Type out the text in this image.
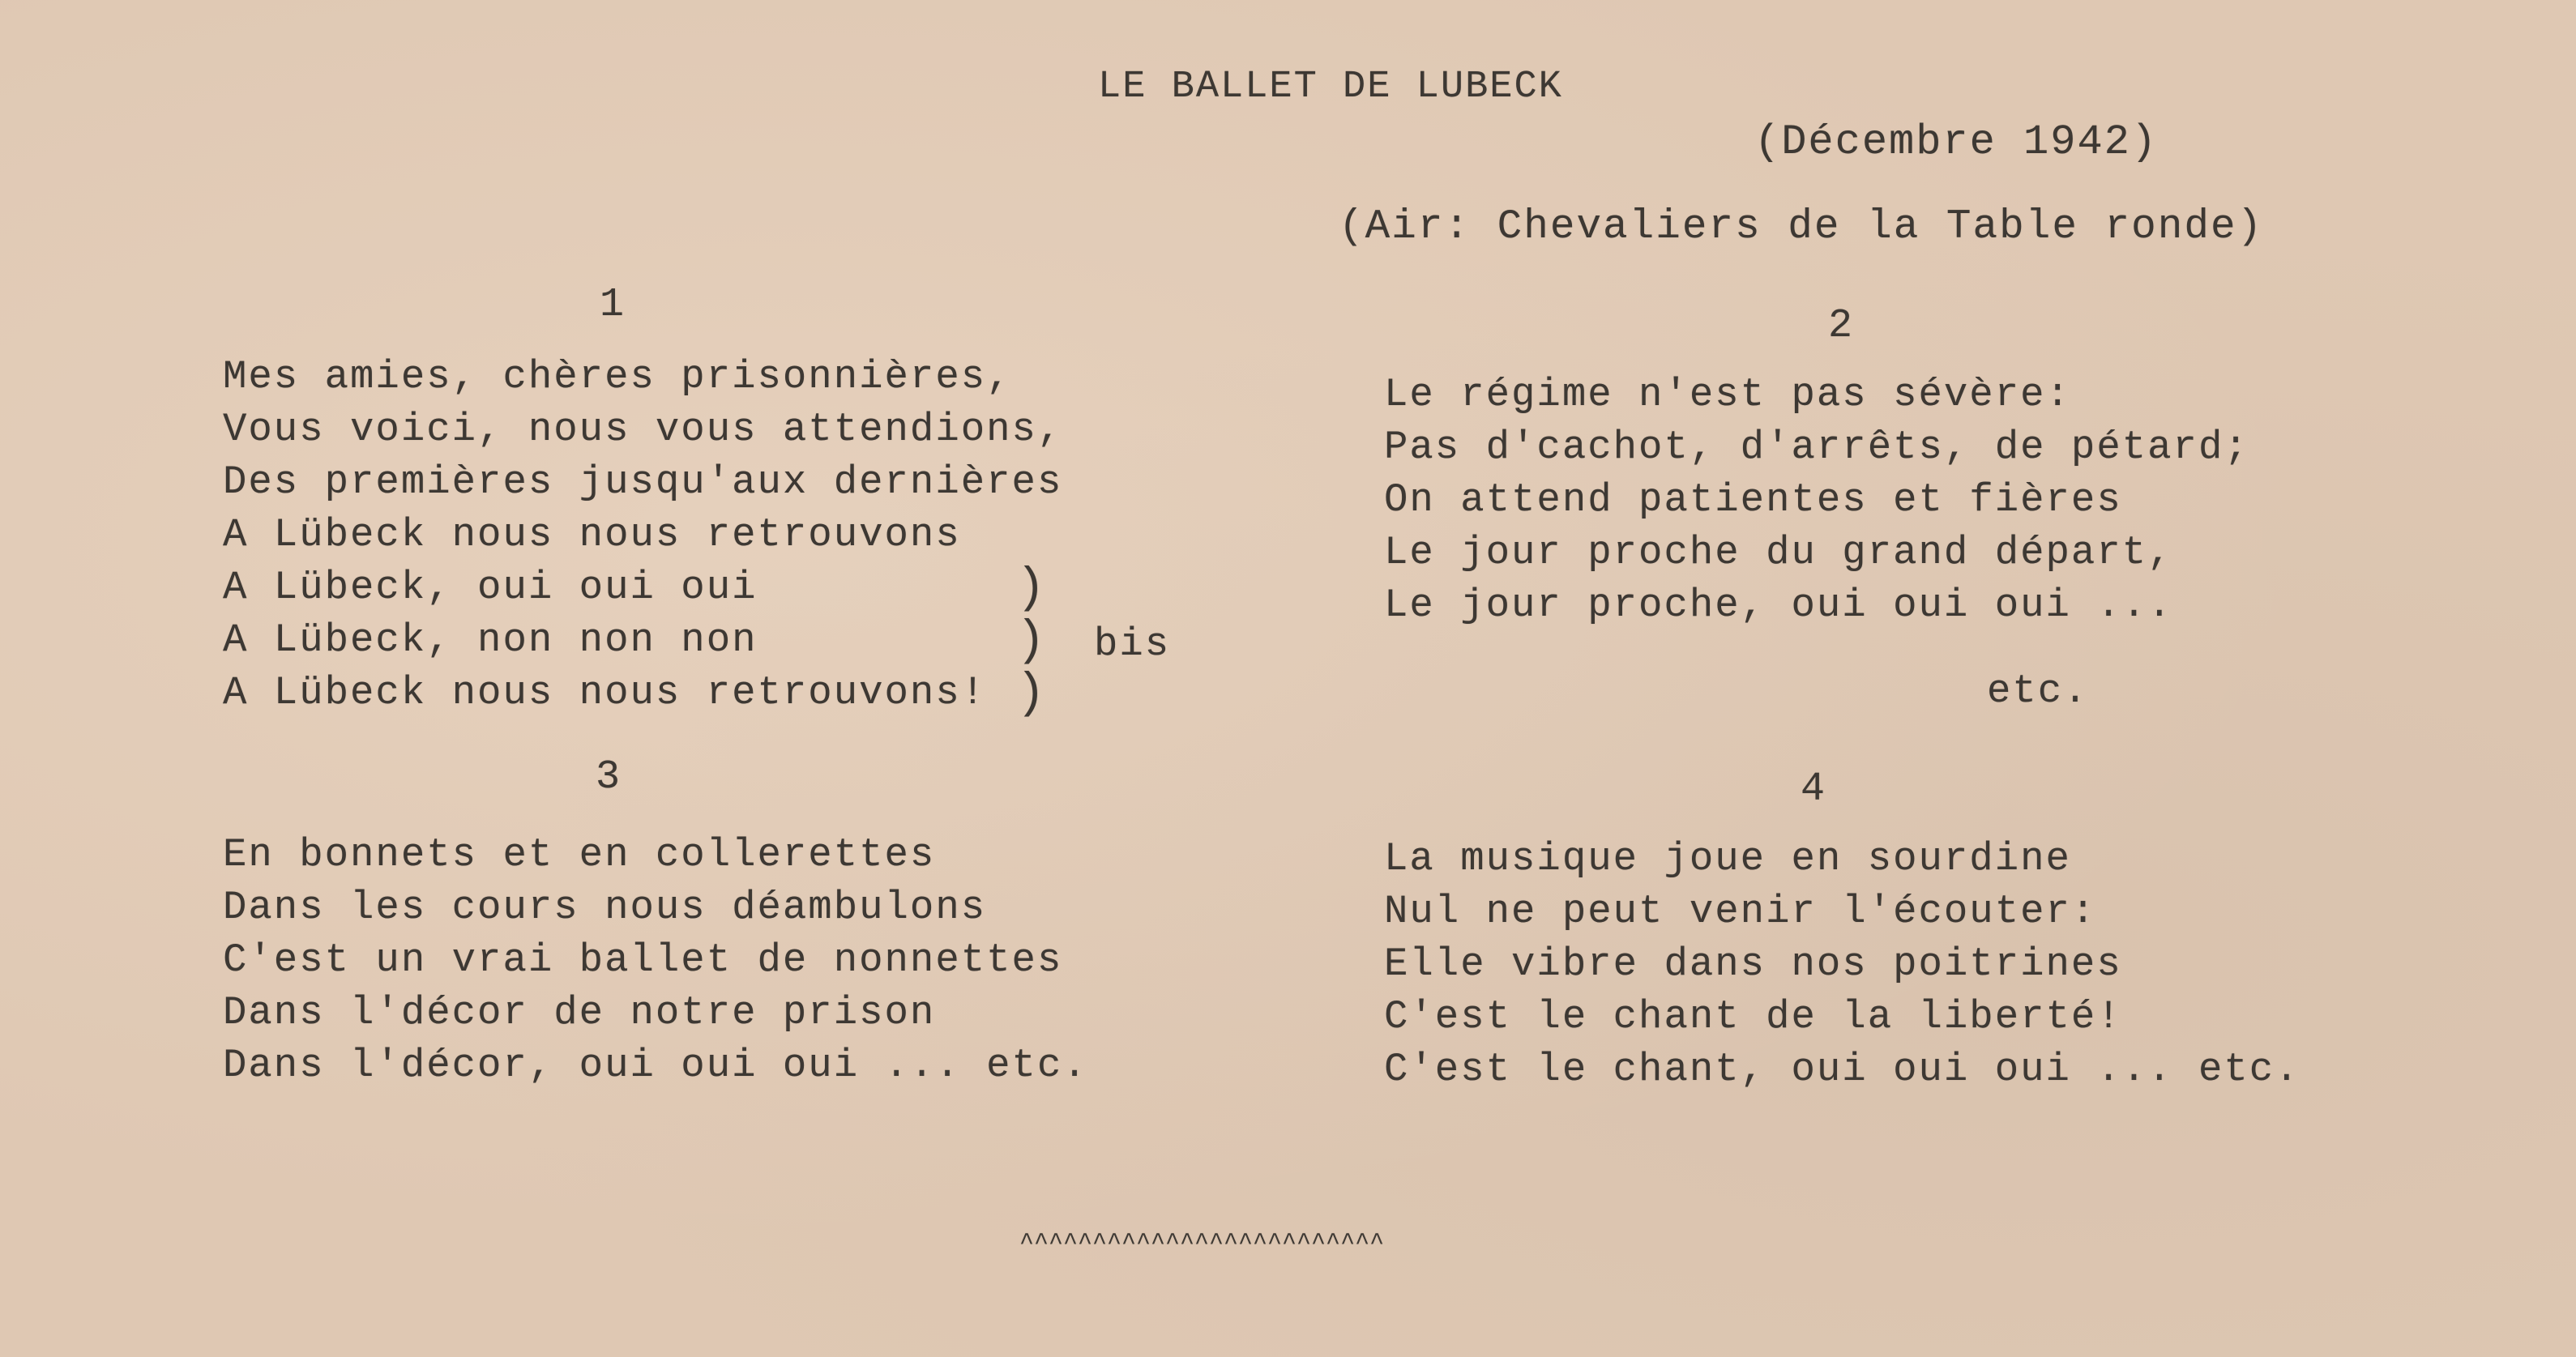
LE BALLET DE LUBECK
(Décembre 1942)
(Air: Chevaliers de la Table ronde)
1
Mes amies, chères prisonnières,
Vous voici, nous vous attendions,
Des premières jusqu'aux dernières
A Lübeck nous nous retrouvons
A Lübeck, oui oui oui
A Lübeck, non non non
A Lübeck nous nous retrouvons!
)
)
)
bis
2
Le régime n'est pas sévère:
Pas d'cachot, d'arrêts, de pétard;
On attend patientes et fières
Le jour proche du grand départ,
Le jour proche, oui oui oui ...
etc.
3
En bonnets et en collerettes
Dans les cours nous déambulons
C'est un vrai ballet de nonnettes
Dans l'décor de notre prison
Dans l'décor, oui oui oui ... etc.
4
La musique joue en sourdine
Nul ne peut venir l'écouter:
Elle vibre dans nos poitrines
C'est le chant de la liberté!
C'est le chant, oui oui oui ... etc.
^^^^^^^^^^^^^^^^^^^^^^^^^
